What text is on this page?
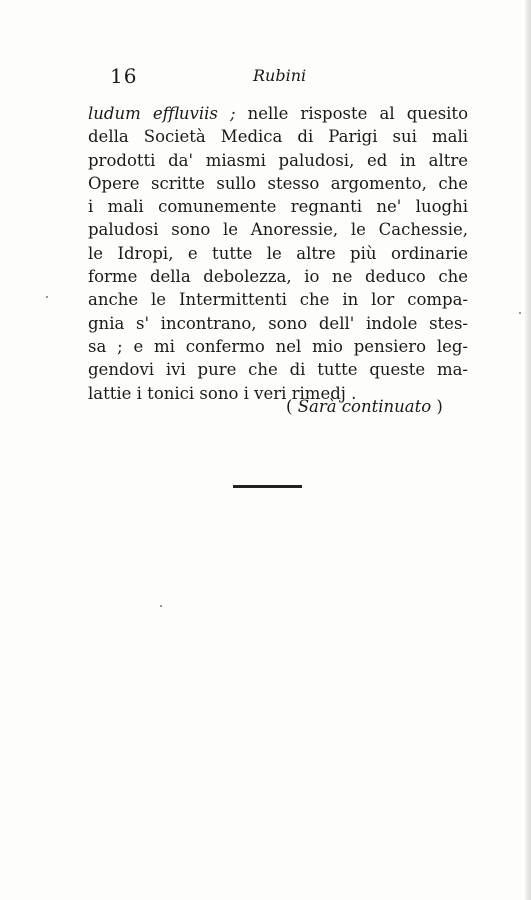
16	Rubini
ludum effluviis ; nelle risposte al quesito
della Società Medica di Parigi sui mali
prodotti da' miasmi paludosi, ed in altre
Opere scritte sullo stesso argomento, che
i mali comunemente regnanti ne' luoghi
paludosi sono le Anoressie, le Cachessie,
le Idropi, e tutte le altre più ordinarie
forme della debolezza, io ne deduco che
anche le Intermittenti che in lor compa-
gnia s' incontrano, sono dell' indole stes-
sa ; e mi confermo nel mio pensiero leg-
gendovi ivi pure che di tutte queste ma-
lattie i tonici sono i veri rimedj .
( Sarà continuato )
